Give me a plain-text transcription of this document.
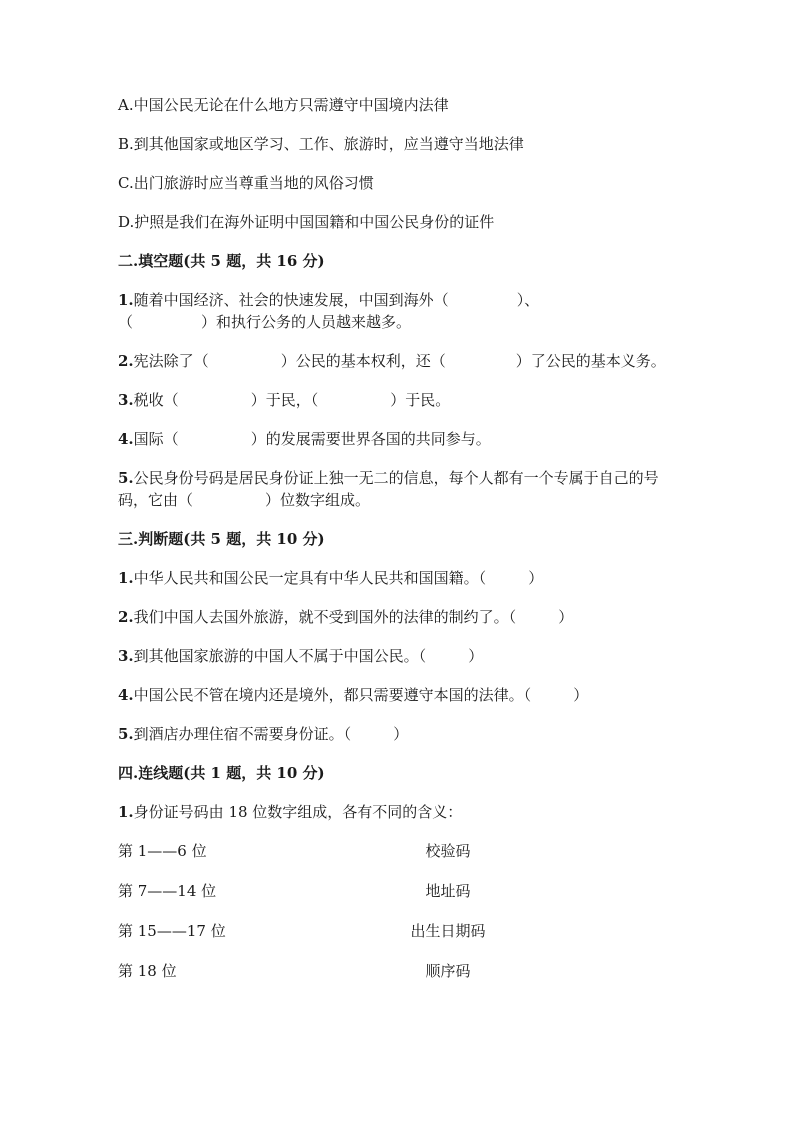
A.中国公民无论在什么地方只需遵守中国境内法律

B.到其他国家或地区学习、工作、旅游时，应当遵守当地法律

C.出门旅游时应当尊重当地的风俗习惯

D.护照是我们在海外证明中国国籍和中国公民身份的证件

二.填空题(共 5 题，共 16 分)

1.随着中国经济、社会的快速发展，中国到海外（	）、
（	）和执行公务的人员越来越多。

2.宪法除了（	）公民的基本权利，还（	）了公民的基本义务。

3.税收（	）于民，（	）于民。

4.国际（	）的发展需要世界各国的共同参与。

5.公民身份号码是居民身份证上独一无二的信息，每个人都有一个专属于自己的号码，它由（	）位数字组成。

三.判断题(共 5 题，共 10 分)

1.中华人民共和国公民一定具有中华人民共和国国籍。（	）

2.我们中国人去国外旅游，就不受到国外的法律的制约了。（	）

3.到其他国家旅游的中国人不属于中国公民。（	）

4.中国公民不管在境内还是境外，都只需要遵守本国的法律。（	）

5.到酒店办理住宿不需要身份证。（	）

四.连线题(共 1 题，共 10 分)

1.身份证号码由 18 位数字组成，各有不同的含义：

第 1——6 位	校验码
第 7——14 位	地址码
第 15——17 位	出生日期码
第 18 位	顺序码
